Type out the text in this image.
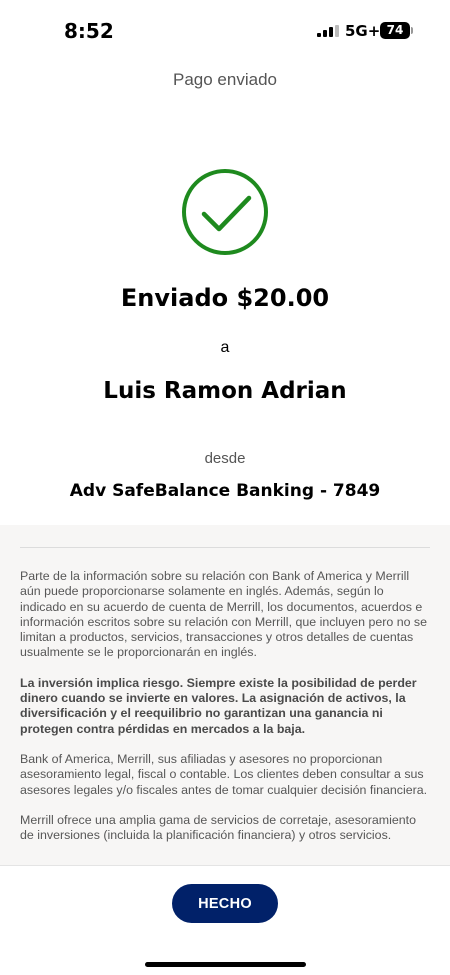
8:52	5G+ 74
Pago enviado
Enviado $20.00
a
Luis Ramon Adrian
desde
Adv SafeBalance Banking - 7849

Parte de la información sobre su relación con Bank of America y Merrill aún puede proporcionarse solamente en inglés. Además, según lo indicado en su acuerdo de cuenta de Merrill, los documentos, acuerdos e información escritos sobre su relación con Merrill, que incluyen pero no se limitan a productos, servicios, transacciones y otros detalles de cuentas usualmente se le proporcionarán en inglés.

La inversión implica riesgo. Siempre existe la posibilidad de perder dinero cuando se invierte en valores. La asignación de activos, la diversificación y el reequilibrio no garantizan una ganancia ni protegen contra pérdidas en mercados a la baja.

Bank of America, Merrill, sus afiliadas y asesores no proporcionan asesoramiento legal, fiscal o contable. Los clientes deben consultar a sus asesores legales y/o fiscales antes de tomar cualquier decisión financiera.

Merrill ofrece una amplia gama de servicios de corretaje, asesoramiento de inversiones (incluida la planificación financiera) y otros servicios.

HECHO
